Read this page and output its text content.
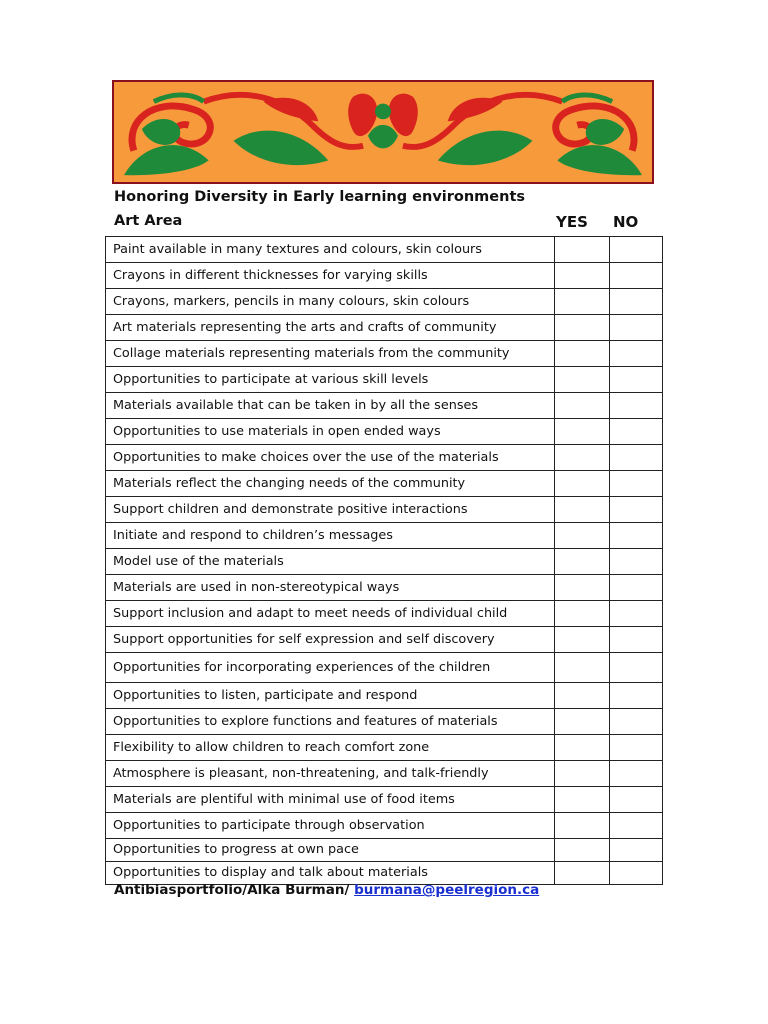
Honoring Diversity in Early learning environments
Art Area	YES NO
Paint available in many textures and colours, skin colours		
Crayons in different thicknesses for varying skills		
Crayons, markers, pencils in many colours, skin colours		
Art materials representing the arts and crafts of community		
Collage materials representing materials from the community		
Opportunities to participate at various skill levels		
Materials available that can be taken in by all the senses		
Opportunities to use materials in open ended ways		
Opportunities to make choices over the use of the materials		
Materials reflect the changing needs of the community		
Support children and demonstrate positive interactions		
Initiate and respond to children’s messages		
Model use of the materials		
Materials are used in non-stereotypical ways		
Support inclusion and adapt to meet needs of individual child		
Support opportunities for self expression and self discovery		
Opportunities for incorporating experiences of the children		
Opportunities to listen, participate and respond		
Opportunities to explore functions and features of materials		
Flexibility to allow children to reach comfort zone		
Atmosphere is pleasant, non-threatening, and talk-friendly		
Materials are plentiful with minimal use of food items		
Opportunities to participate through observation		
Opportunities to progress at own pace		
Opportunities to display and talk about materials		
Antibiasportfolio/Alka Burman/ burmana@peelregion.ca
